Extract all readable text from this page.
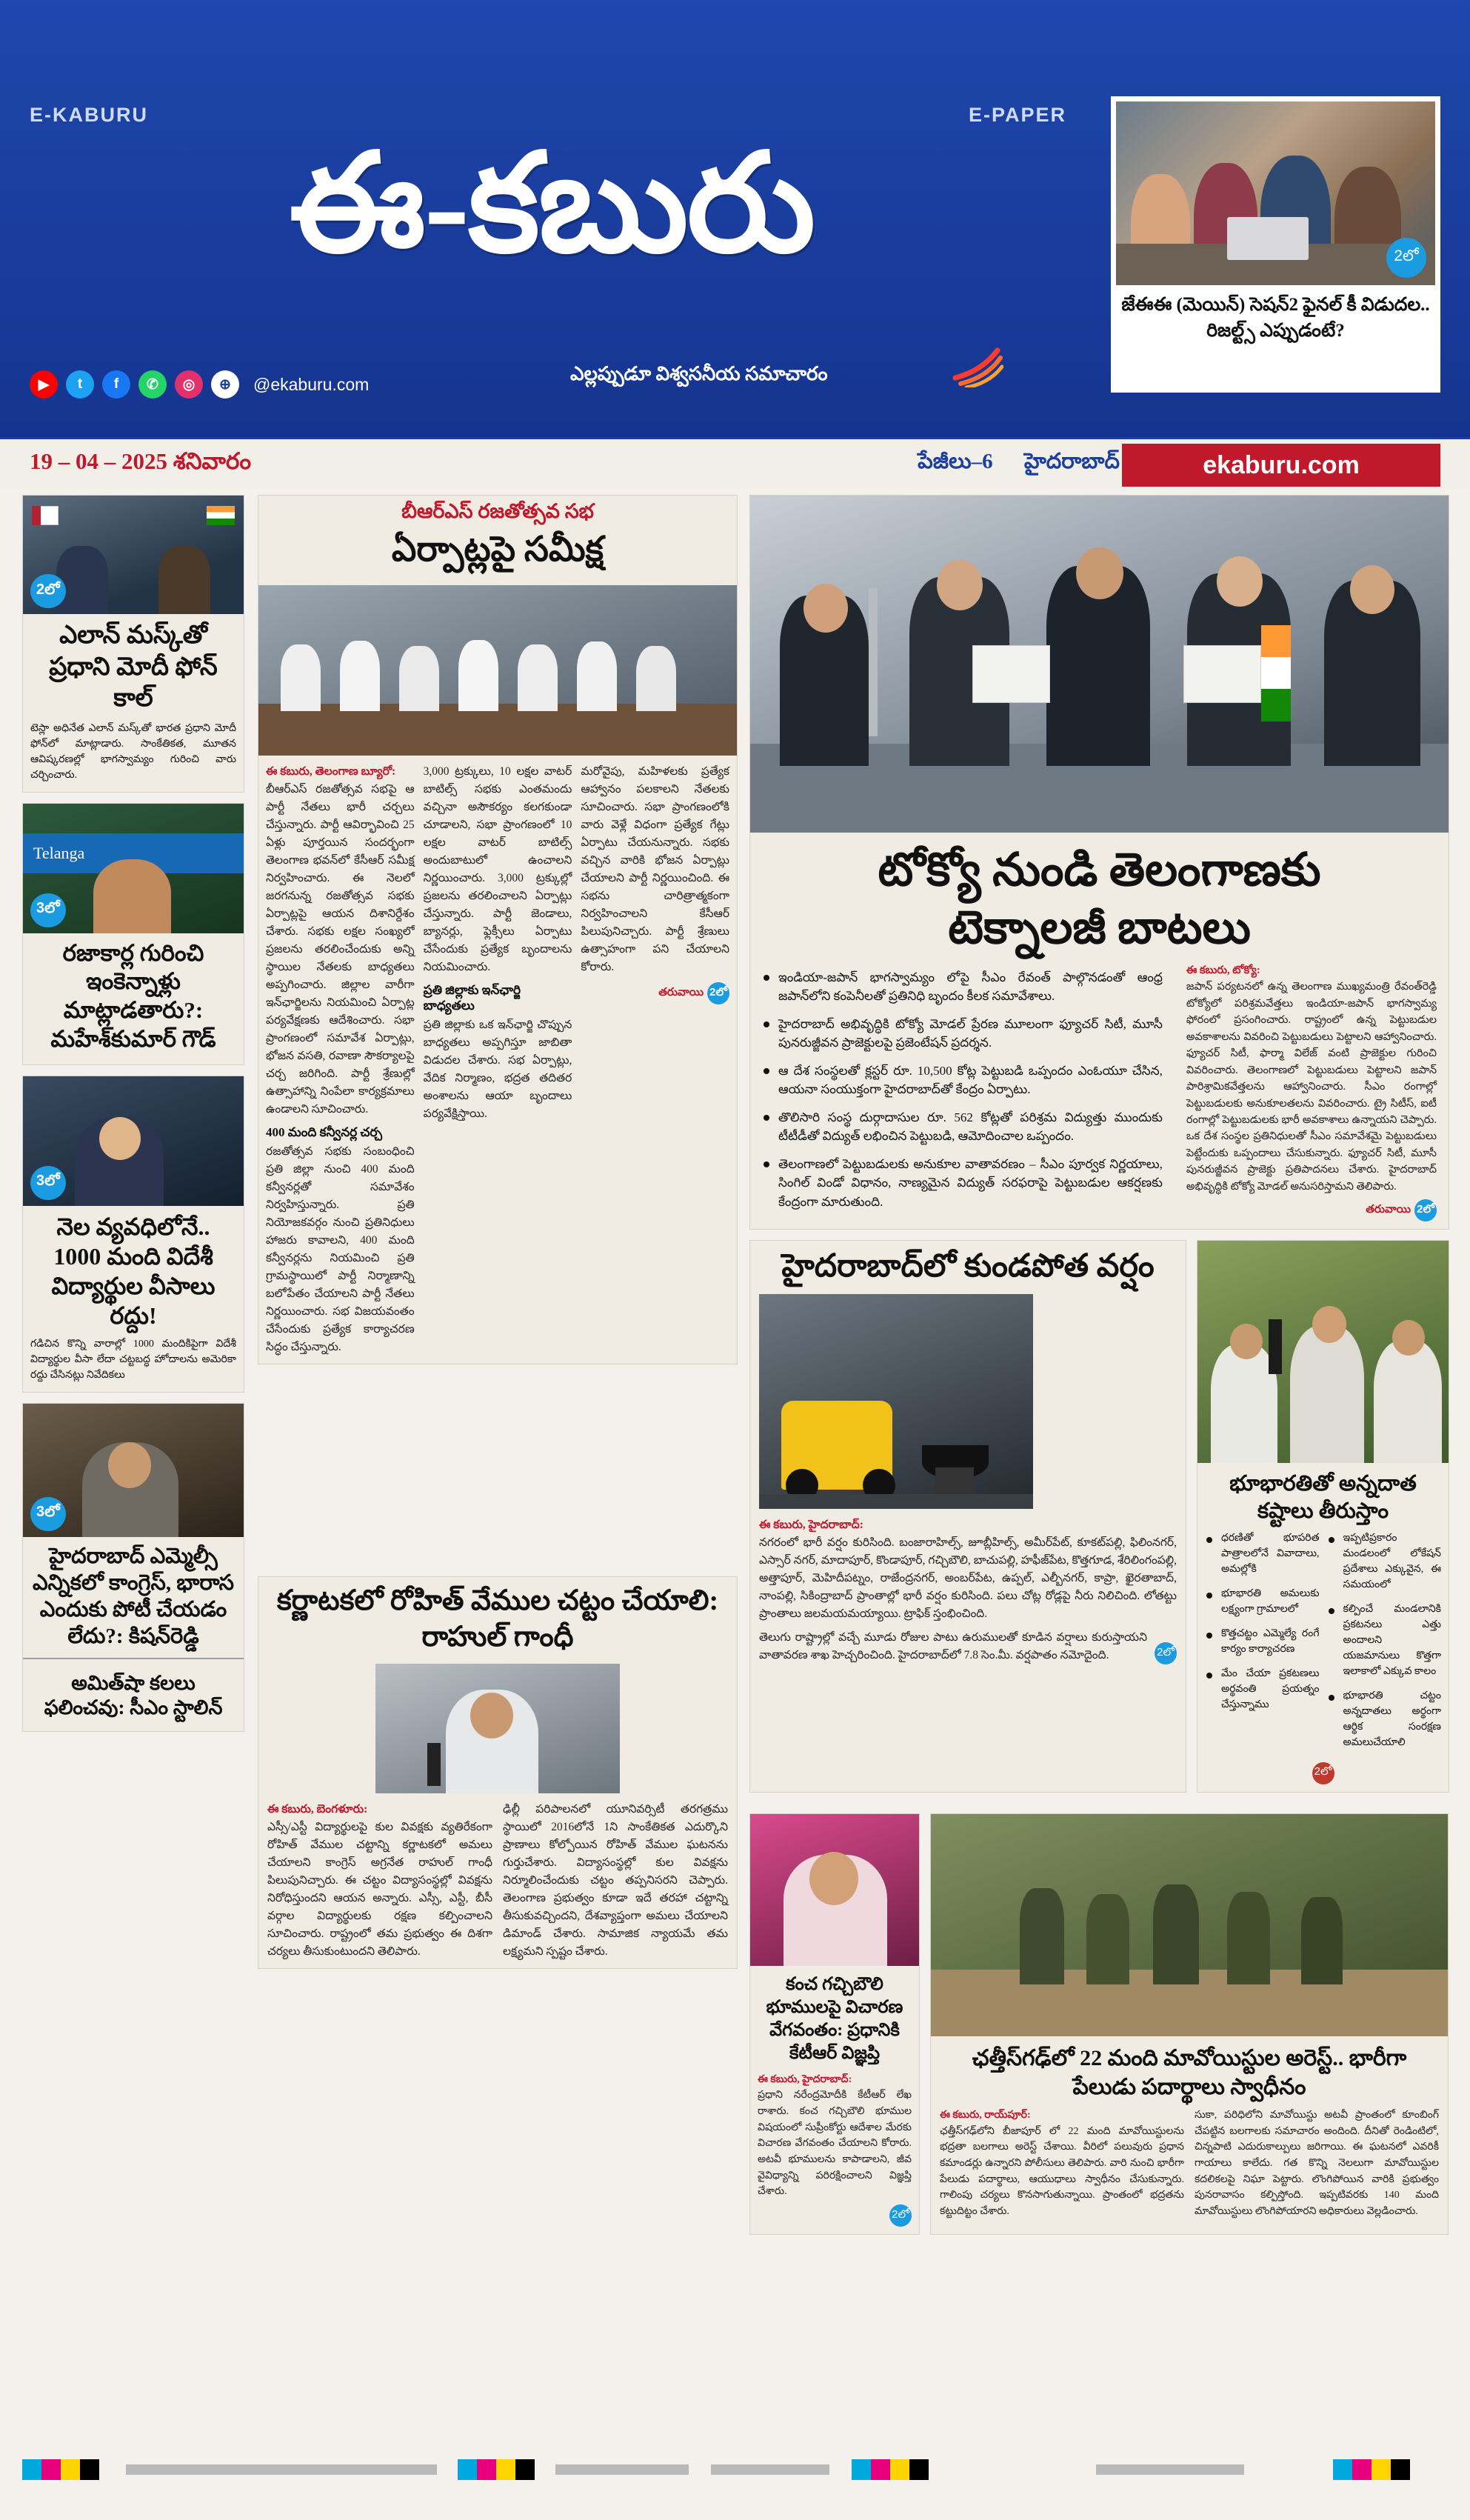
E-KABURU	E-PAPER
ఈ-కబురు
ఎల్లప్పుడూ విశ్వసనీయ సమాచారం
▶	t	f	✆	◎	⊕	@ekaburu.com
2లో
జేఈఈ (మెయిన్) సెషన్2 ఫైనల్ కీ విడుదల.. రిజల్ట్స్ ఎప్పుడంటే?
19 – 04 – 2025 శనివారం	పేజీలు–6 హైదరాబాద్	ekaburu.com
2లో
ఎలాన్ మస్క్‌తో ప్రధాని మోదీ ఫోన్ కాల్
టెస్లా అధినేత ఎలాన్ మస్క్‌తో భారత ప్రధాని మోదీ ఫోన్‌లో మాట్లాడారు. సాంకేతికత, మూతన ఆవిష్కరణల్లో భాగస్వామ్యం గురించి వారు చర్చించారు.
Telanga
3లో
రజాకార్ల గురించి ఇంకెన్నాళ్లు మాట్లాడతారు?: మహేశ్‌కుమార్ గౌడ్
3లో
నెల వ్యవధిలోనే.. 1000 మంది విదేశీ విద్యార్థుల వీసాలు రద్దు!
గడిచిన కొన్ని వారాల్లో 1000 మందికిపైగా విదేశీ విద్యార్థుల వీసా లేదా చట్టబద్ధ హోదాలను అమెరికా రద్దు చేసినట్లు నివేదికలు
3లో
హైదరాబాద్ ఎమ్మెల్సీ ఎన్నికలో కాంగ్రెస్, భారాస ఎందుకు పోటీ చేయడం లేదు?: కిషన్‌రెడ్డి
అమిత్‌షా కలలు ఫలించవు: సీఎం స్టాలిన్
బీఆర్ఎస్ రజతోత్సవ సభ
ఏర్పాట్లపై సమీక్ష
ఈ కబురు, తెలంగాణ బ్యూరో:
బీఆర్ఎస్ రజతోత్సవ సభపై ఆ పార్టీ నేతలు భారీ చర్చలు చేస్తున్నారు. పార్టీ ఆవిర్భావించి 25 ఏళ్లు పూర్తయిన సందర్భంగా తెలంగాణ భవన్‌లో కేసీఆర్ సమీక్ష నిర్వహించారు. ఈ నెలలో జరగనున్న రజతోత్సవ సభకు ఏర్పాట్లపై ఆయన దిశానిర్దేశం చేశారు. సభకు లక్షల సంఖ్యలో ప్రజలను తరలించేందుకు అన్ని స్థాయిల నేతలకు బాధ్యతలు అప్పగించారు. జిల్లాల వారీగా ఇన్‌ఛార్జిలను నియమించి ఏర్పాట్ల పర్యవేక్షణకు ఆదేశించారు. సభా ప్రాంగణంలో సమావేశ ఏర్పాట్లు, భోజన వసతి, రవాణా సౌకర్యాలపై చర్చ జరిగింది. పార్టీ శ్రేణుల్లో ఉత్సాహాన్ని నింపేలా కార్యక్రమాలు ఉండాలని సూచించారు.
400 మంది కన్వీనర్ల చర్చ
రజతోత్సవ సభకు సంబంధించి ప్రతి జిల్లా నుంచి 400 మంది కన్వీనర్లతో సమావేశం నిర్వహిస్తున్నారు. ప్రతి నియోజకవర్గం నుంచి ప్రతినిధులు హాజరు కావాలని, 400 మంది కన్వీనర్లను నియమించి ప్రతి గ్రామస్థాయిలో పార్టీ నిర్మాణాన్ని బలోపేతం చేయాలని పార్టీ నేతలు నిర్ణయించారు. సభ విజయవంతం చేసేందుకు ప్రత్యేక కార్యాచరణ సిద్ధం చేస్తున్నారు.
3,000 ట్రక్కులు, 10 లక్షల వాటర్ బాటిల్స్ సభకు ఎంతమందు వచ్చినా అసౌకర్యం కలగకుండా చూడాలని, సభా ప్రాంగణంలో 10 లక్షల వాటర్ బాటిల్స్ అందుబాటులో ఉంచాలని నిర్ణయించారు. 3,000 ట్రక్కుల్లో ప్రజలను తరలించాలని ఏర్పాట్లు చేస్తున్నారు. పార్టీ జెండాలు, బ్యానర్లు, ఫ్లెక్సీలు ఏర్పాటు చేసేందుకు ప్రత్యేక బృందాలను నియమించారు.
ప్రతి జిల్లాకు ఇన్‌ఛార్జి బాధ్యతలు
ప్రతి జిల్లాకు ఒక ఇన్‌ఛార్జి చొప్పున బాధ్యతలు అప్పగిస్తూ జాబితా విడుదల చేశారు. సభ ఏర్పాట్లు, వేదిక నిర్మాణం, భద్రత తదితర అంశాలను ఆయా బృందాలు పర్యవేక్షిస్తాయి.
మరోవైపు, మహిళలకు ప్రత్యేక ఆహ్వానం పలకాలని నేతలకు సూచించారు. సభా ప్రాంగణంలోకి వారు వెళ్లే విధంగా ప్రత్యేక గేట్లు ఏర్పాటు చేయనున్నారు. సభకు వచ్చిన వారికి భోజన ఏర్పాట్లు చేయాలని పార్టీ నిర్ణయించింది. ఈ సభను చారిత్రాత్మకంగా నిర్వహించాలని కేసీఆర్ పిలుపునిచ్చారు. పార్టీ శ్రేణులు ఉత్సాహంగా పని చేయాలని కోరారు.
తరువాయి 2లో
కర్ణాటకలో రోహిత్ వేముల చట్టం చేయాలి: రాహుల్ గాంధీ
ఈ కబురు, బెంగళూరు:
ఎస్సీ/ఎస్టీ విద్యార్థులపై కుల వివక్షకు వ్యతిరేకంగా రోహిత్ వేముల చట్టాన్ని కర్ణాటకలో అమలు చేయాలని కాంగ్రెస్ అగ్రనేత రాహుల్ గాంధీ పిలుపునిచ్చారు. ఈ చట్టం విద్యాసంస్థల్లో వివక్షను నిరోధిస్తుందని ఆయన అన్నారు. ఎస్సీ, ఎస్టీ, బీసీ వర్గాల విద్యార్థులకు రక్షణ కల్పించాలని సూచించారు. రాష్ట్రంలో తమ ప్రభుత్వం ఈ దిశగా చర్యలు తీసుకుంటుందని తెలిపారు.
ఢిల్లీ పరిపాలనలో యూనివర్సిటీ తరగత్రము స్థాయిలో 2016లోనే 1ని సాంకేతికత ఎదుర్కొని ప్రాణాలు కోల్పోయిన రోహిత్ వేముల ఘటనను గుర్తుచేశారు. విద్యాసంస్థల్లో కుల వివక్షను నిర్మూలించేందుకు చట్టం తప్పనిసరని చెప్పారు. తెలంగాణ ప్రభుత్వం కూడా ఇదే తరహా చట్టాన్ని తీసుకువచ్చిందని, దేశవ్యాప్తంగా అమలు చేయాలని డిమాండ్ చేశారు. సామాజిక న్యాయమే తమ లక్ష్యమని స్పష్టం చేశారు.
టోక్యో నుండి తెలంగాణకు
టెక్నాలజీ బాటలు
ఇండియా-జపాన్ భాగస్వామ్యం లోపై సీఎం రేవంత్ పాల్గొనడంతో ఆంధ్ర జపాన్‌లోని కంపెనీలతో ప్రతినిధి బృందం కీలక సమావేశాలు.
హైదరాబాద్ అభివృద్ధికి టోక్యో మోడల్ ప్రేరణ మూలంగా ఫ్యూచర్ సిటీ, మూసీ పునరుజ్జీవన ప్రాజెక్టులపై ప్రజెంటేషన్ ప్రదర్శన.
ఆ దేశ సంస్థలతో క్లస్టర్ రూ. 10,500 కోట్ల పెట్టుబడి ఒప్పందం ఎంఓయూ చేసిన, ఆయనా సంయుక్తంగా హైదరాబాద్‌తో కేంద్రం ఏర్పాటు.
తొలిసారి సంస్థ దుర్గాదాసుల రూ. 562 కోట్లతో పరిశ్రమ విద్యుత్తు ముందుకు టీటీడీతో విద్యుత్ లభించిన పెట్టుబడి, ఆమోదించాల ఒప్పందం.
తెలంగాణలో పెట్టుబడులకు అనుకూల వాతావరణం – సీఎం పూర్వక నిర్ణయాలు, సింగిల్ విండో విధానం, నాణ్యమైన విద్యుత్ సరఫరాపై పెట్టుబడుల ఆకర్షణకు కేంద్రంగా మారుతుంది.
ఈ కబురు, టోక్యో:
జపాన్ పర్యటనలో ఉన్న తెలంగాణ ముఖ్యమంత్రి రేవంత్‌రెడ్డి టోక్యోలో పరిశ్రమవేత్తలు ఇండియా-జపాన్ భాగస్వామ్య ఫోరంలో ప్రసంగించారు. రాష్ట్రంలో ఉన్న పెట్టుబడుల అవకాశాలను వివరించి పెట్టుబడులు పెట్టాలని ఆహ్వానించారు. ఫ్యూచర్ సిటీ, ఫార్మా విలేజ్ వంటి ప్రాజెక్టుల గురించి వివరించారు. తెలంగాణలో పెట్టుబడులు పెట్టాలని జపాన్ పారిశ్రామికవేత్తలను ఆహ్వానించారు. సీఎం రంగాల్లో పెట్టుబడులకు అనుకూలతలను వివరించారు. ట్రై సిటీస్, ఐటీ రంగాల్లో పెట్టుబడులకు భారీ అవకాశాలు ఉన్నాయని చెప్పారు. ఒక దేశ సంస్థల ప్రతినిధులతో సీఎం సమావేశమై పెట్టుబడులు పెట్టేందుకు ఒప్పందాలు చేసుకున్నారు. ఫ్యూచర్ సిటీ, మూసీ పునరుజ్జీవన ప్రాజెక్టు ప్రతిపాదనలు చేశారు. హైదరాబాద్ అభివృద్ధికి టోక్యో మోడల్ అనుసరిస్తామని తెలిపారు.
తరువాయి 2లో
హైదరాబాద్‌లో కుండపోత వర్షం
ఈ కబురు, హైదరాబాద్:
నగరంలో భారీ వర్షం కురిసింది. బంజారాహిల్స్, జూబ్లీహిల్స్, అమీర్‌పేట్, కూకట్‌పల్లి, ఫిలింనగర్, ఎస్సార్ నగర్, మాదాపూర్, కొండాపూర్, గచ్చిబౌలి, బాచుపల్లి, హఫీజ్‌పేట, కొత్తగూడ, శేరిలింగంపల్లి, అత్తాపూర్, మెహిదీపట్నం, రాజేంద్రనగర్, అంబర్‌పేట, ఉప్పల్, ఎల్బీనగర్, కాప్రా, ఖైరతాబాద్, నాంపల్లి, సికింద్రాబాద్ ప్రాంతాల్లో భారీ వర్షం కురిసింది. పలు చోట్ల రోడ్లపై నీరు నిలిచింది. లోతట్టు ప్రాంతాలు జలమయమయ్యాయి. ట్రాఫిక్ స్తంభించింది.
తెలుగు రాష్ట్రాల్లో వచ్చే మూడు రోజుల పాటు ఉరుములతో కూడిన వర్షాలు కురుస్తాయని వాతావరణ శాఖ హెచ్చరించింది. హైదరాబాద్‌లో 7.8 సెం.మీ. వర్షపాతం నమోదైంది.	2లో
భూభారతితో అన్నదాత కష్టాలు తీరుస్తాం
ధరణితో భూపరిత పాత్రాలలోనే వివాదాలు, అమల్లోకి
భూభారతి అమలుకు లక్ష్యంగా గ్రామాలలో
కొత్తచట్టం ఎమ్మెల్యే రంగే కార్యం కార్యాచరణ
మేం చేయా ప్రకటణలు అర్థవంతి ప్రయత్నం చేస్తున్నాము
ఇప్పటిప్రకారం మండలంలో లోకేషన్ ప్రదేశాలు ఎక్కువైన, ఈ సమయంలో
కల్పించే మండలానికి ప్రకటనలు ఎత్తు అందాలని యజమానులు కొత్తగా ఇలాకాలో ఎక్కువ కాలం
భూభారతి చట్టం అన్నదాతలు అర్థంగా ఆర్థిక సంరక్షణ అమలుచేయాలి
2లో
కంచ గచ్చిబౌలి భూములపై విచారణ వేగవంతం: ప్రధానికి కేటీఆర్ విజ్ఞప్తి
ఈ కబురు, హైదరాబాద్:
ప్రధాని నరేంద్రమోదీకి కేటీఆర్ లేఖ రాశారు. కంచ గచ్చిబౌలి భూముల విషయంలో సుప్రీంకోర్టు ఆదేశాల మేరకు విచారణ వేగవంతం చేయాలని కోరారు. అటవీ భూములను కాపాడాలని, జీవ వైవిధ్యాన్ని పరిరక్షించాలని విజ్ఞప్తి చేశారు.
2లో
ఛత్తీస్‌గఢ్‌లో 22 మంది మావోయిస్టుల అరెస్ట్.. భారీగా పేలుడు పదార్థాలు స్వాధీనం
ఈ కబురు, రాయ్‌పూర్:
ఛత్తీస్‌గఢ్‌లోని బీజాపూర్ లో 22 మంది మావోయిస్టులను భద్రతా బలగాలు అరెస్ట్ చేశాయి. వీరిలో పలువురు ప్రధాన కమాండర్లు ఉన్నారని పోలీసులు తెలిపారు. వారి నుంచి భారీగా పేలుడు పదార్థాలు, ఆయుధాలు స్వాధీనం చేసుకున్నారు. గాలింపు చర్యలు కొనసాగుతున్నాయి. ప్రాంతంలో భద్రతను కట్టుదిట్టం చేశారు.
సుకా, పరిధిలోని మావోయిస్టు అటవీ ప్రాంతంలో కూంబింగ్ చేపట్టిన బలగాలకు సమాచారం అందింది. దీనితో రెండింటిలో, చిన్నపాటి ఎదురుకాల్పులు జరిగాయి. ఈ ఘటనలో ఎవరికీ గాయాలు కాలేదు. గత కొన్ని నెలలుగా మావోయిస్టుల కదలికలపై నిఘా పెట్టారు. లొంగిపోయిన వారికి ప్రభుత్వం పునరావాసం కల్పిస్తోంది. ఇప్పటివరకు 140 మంది మావోయిస్టులు లొంగిపోయారని అధికారులు వెల్లడించారు.
